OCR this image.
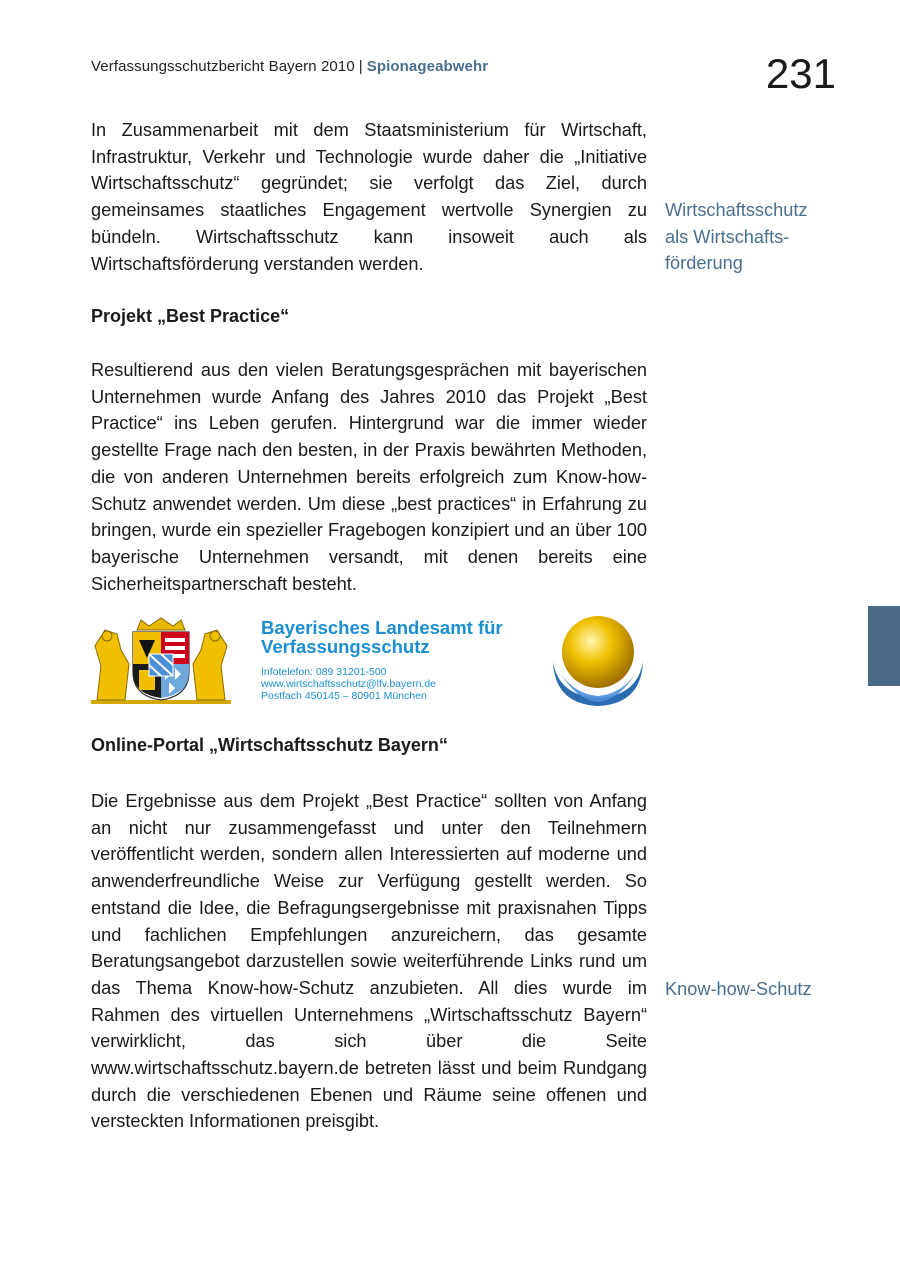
Verfassungsschutzbericht Bayern 2010 | Spionageabwehr	231

In Zusammenarbeit mit dem Staatsministerium für Wirtschaft, Infrastruktur, Verkehr und Technologie wurde daher die „Initiative Wirtschaftsschutz“ gegründet; sie verfolgt das Ziel, durch gemeinsames staatliches Engagement wertvolle Synergien zu bündeln. Wirtschaftsschutz kann insoweit auch als Wirtschaftsförderung verstanden werden.

Wirtschaftsschutz
als Wirtschafts-
förderung
Projekt „Best Practice“

Resultierend aus den vielen Beratungsgesprächen mit bayerischen Unternehmen wurde Anfang des Jahres 2010 das Projekt „Best Practice“ ins Leben gerufen. Hintergrund war die immer wieder gestellte Frage nach den besten, in der Praxis bewährten Methoden, die von anderen Unternehmen bereits erfolgreich zum Know-how-Schutz anwendet werden. Um diese „best practices“ in Erfahrung zu bringen, wurde ein spezieller Fragebogen konzipiert und an über 100 bayerische Unternehmen versandt, mit denen bereits eine Sicherheitspartnerschaft besteht.

Bayerisches Landesamt für
Verfassungsschutz
Infotelefon: 089 31201-500
www.wirtschaftsschutz@lfv.bayern.de
Postfach 450145 – 80901 München
Online-Portal „Wirtschaftsschutz Bayern“

Die Ergebnisse aus dem Projekt „Best Practice“ sollten von Anfang an nicht nur zusammengefasst und unter den Teilnehmern veröffentlicht werden, sondern allen Interessierten auf moderne und anwenderfreundliche Weise zur Verfügung gestellt werden. So entstand die Idee, die Befragungsergebnisse mit praxisnahen Tipps und fachlichen Empfehlungen anzureichern, das gesamte Beratungsangebot darzustellen sowie weiterführende Links rund um das Thema Know-how-Schutz anzubieten. All dies wurde im Rahmen des virtuellen Unternehmens „Wirtschaftsschutz Bayern“ verwirklicht, das sich über die Seite www.wirtschaftsschutz.bayern.de betreten lässt und beim Rundgang durch die verschiedenen Ebenen und Räume seine offenen und versteckten Informationen preisgibt.

Know-how-Schutz
